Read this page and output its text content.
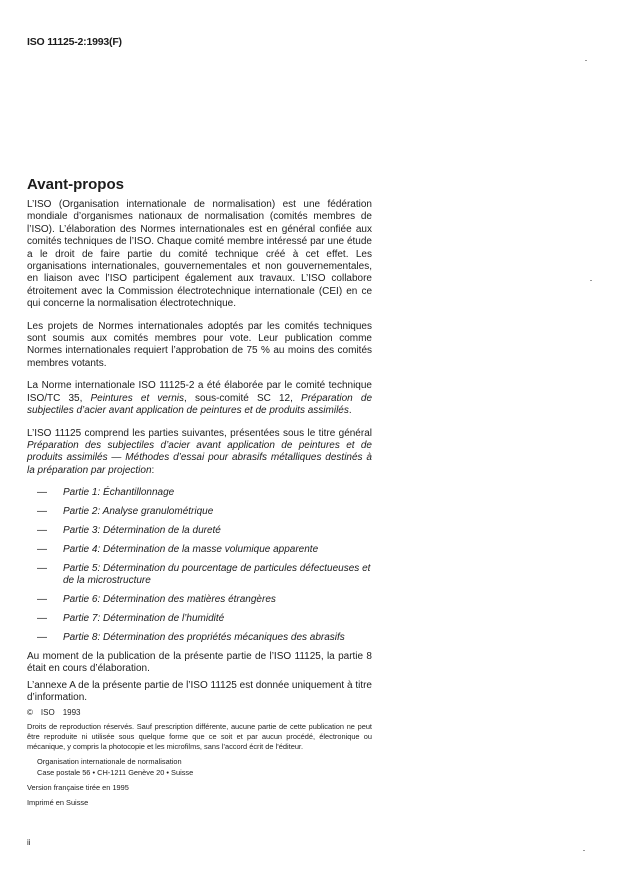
ISO 11125-2:1993(F)
Avant-propos

L’ISO (Organisation internationale de normalisation) est une fédération mondiale d’organismes nationaux de normalisation (comités membres de l’ISO). L’élaboration des Normes internationales est en général confiée aux comités techniques de l’ISO. Chaque comité membre intéressé par une étude a le droit de faire partie du comité technique créé à cet effet. Les organisations internationales, gouvernementales et non gouvernementales, en liaison avec l’ISO participent également aux travaux. L’ISO collabore étroitement avec la Commission électrotechnique internationale (CEI) en ce qui concerne la normalisation électrotechnique.

Les projets de Normes internationales adoptés par les comités techniques sont soumis aux comités membres pour vote. Leur publication comme Normes internationales requiert l’approbation de 75 % au moins des comités membres votants.

La Norme internationale ISO 11125-2 a été élaborée par le comité technique ISO/TC 35, Peintures et vernis, sous-comité SC 12, Préparation de subjectiles d’acier avant application de peintures et de produits assimilés.

L’ISO 11125 comprend les parties suivantes, présentées sous le titre général Préparation des subjectiles d’acier avant application de peintures et de produits assimilés — Méthodes d’essai pour abrasifs métalliques destinés à la préparation par projection:

—	Partie 1: Échantillonnage
—	Partie 2: Analyse granulométrique
—	Partie 3: Détermination de la dureté
—	Partie 4: Détermination de la masse volumique apparente
—	Partie 5: Détermination du pourcentage de particules défectueuses et de la microstructure
—	Partie 6: Détermination des matières étrangères
—	Partie 7: Détermination de l’humidité
—	Partie 8: Détermination des propriétés mécaniques des abrasifs

Au moment de la publication de la présente partie de l’ISO 11125, la partie 8 était en cours d’élaboration.

L’annexe A de la présente partie de l’ISO 11125 est donnée uniquement à titre d’information.

© ISO 1993

Droits de reproduction réservés. Sauf prescription différente, aucune partie de cette publication ne peut être reproduite ni utilisée sous quelque forme que ce soit et par aucun procédé, électronique ou mécanique, y compris la photocopie et les microfilms, sans l’accord écrit de l’éditeur.

Organisation internationale de normalisation
Case postale 56 • CH-1211 Genève 20 • Suisse

Version française tirée en 1995

Imprimé en Suisse

ii
